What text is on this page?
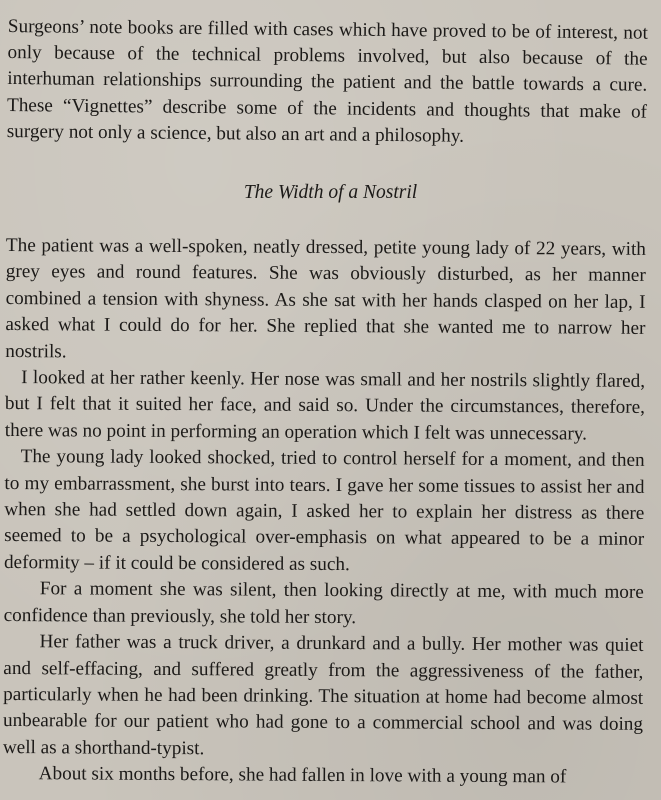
Surgeons’ note books are filled with cases which have proved to be of interest, not only because of the technical problems involved, but also because of the interhuman relationships surrounding the patient and the battle towards a cure. These “Vignettes” describe some of the incidents and thoughts that make of surgery not only a science, but also an art and a philosophy.

The Width of a Nostril

The patient was a well-spoken, neatly dressed, petite young lady of 22 years, with grey eyes and round features. She was obviously disturbed, as her manner combined a tension with shyness. As she sat with her hands clasped on her lap, I asked what I could do for her. She replied that she wanted me to narrow her nostrils.

I looked at her rather keenly. Her nose was small and her nostrils slightly flared, but I felt that it suited her face, and said so. Under the circumstances, therefore, there was no point in performing an operation which I felt was unnecessary.

The young lady looked shocked, tried to control herself for a moment, and then to my embarrassment, she burst into tears. I gave her some tissues to assist her and when she had settled down again, I asked her to explain her distress as there seemed to be a psychological over-emphasis on what appeared to be a minor deformity – if it could be considered as such.

For a moment she was silent, then looking directly at me, with much more confidence than previously, she told her story.

Her father was a truck driver, a drunkard and a bully. Her mother was quiet and self-effacing, and suffered greatly from the aggressiveness of the father, particularly when he had been drinking. The situation at home had become almost unbearable for our patient who had gone to a commercial school and was doing well as a shorthand-typist.

About six months before, she had fallen in love with a young man of
